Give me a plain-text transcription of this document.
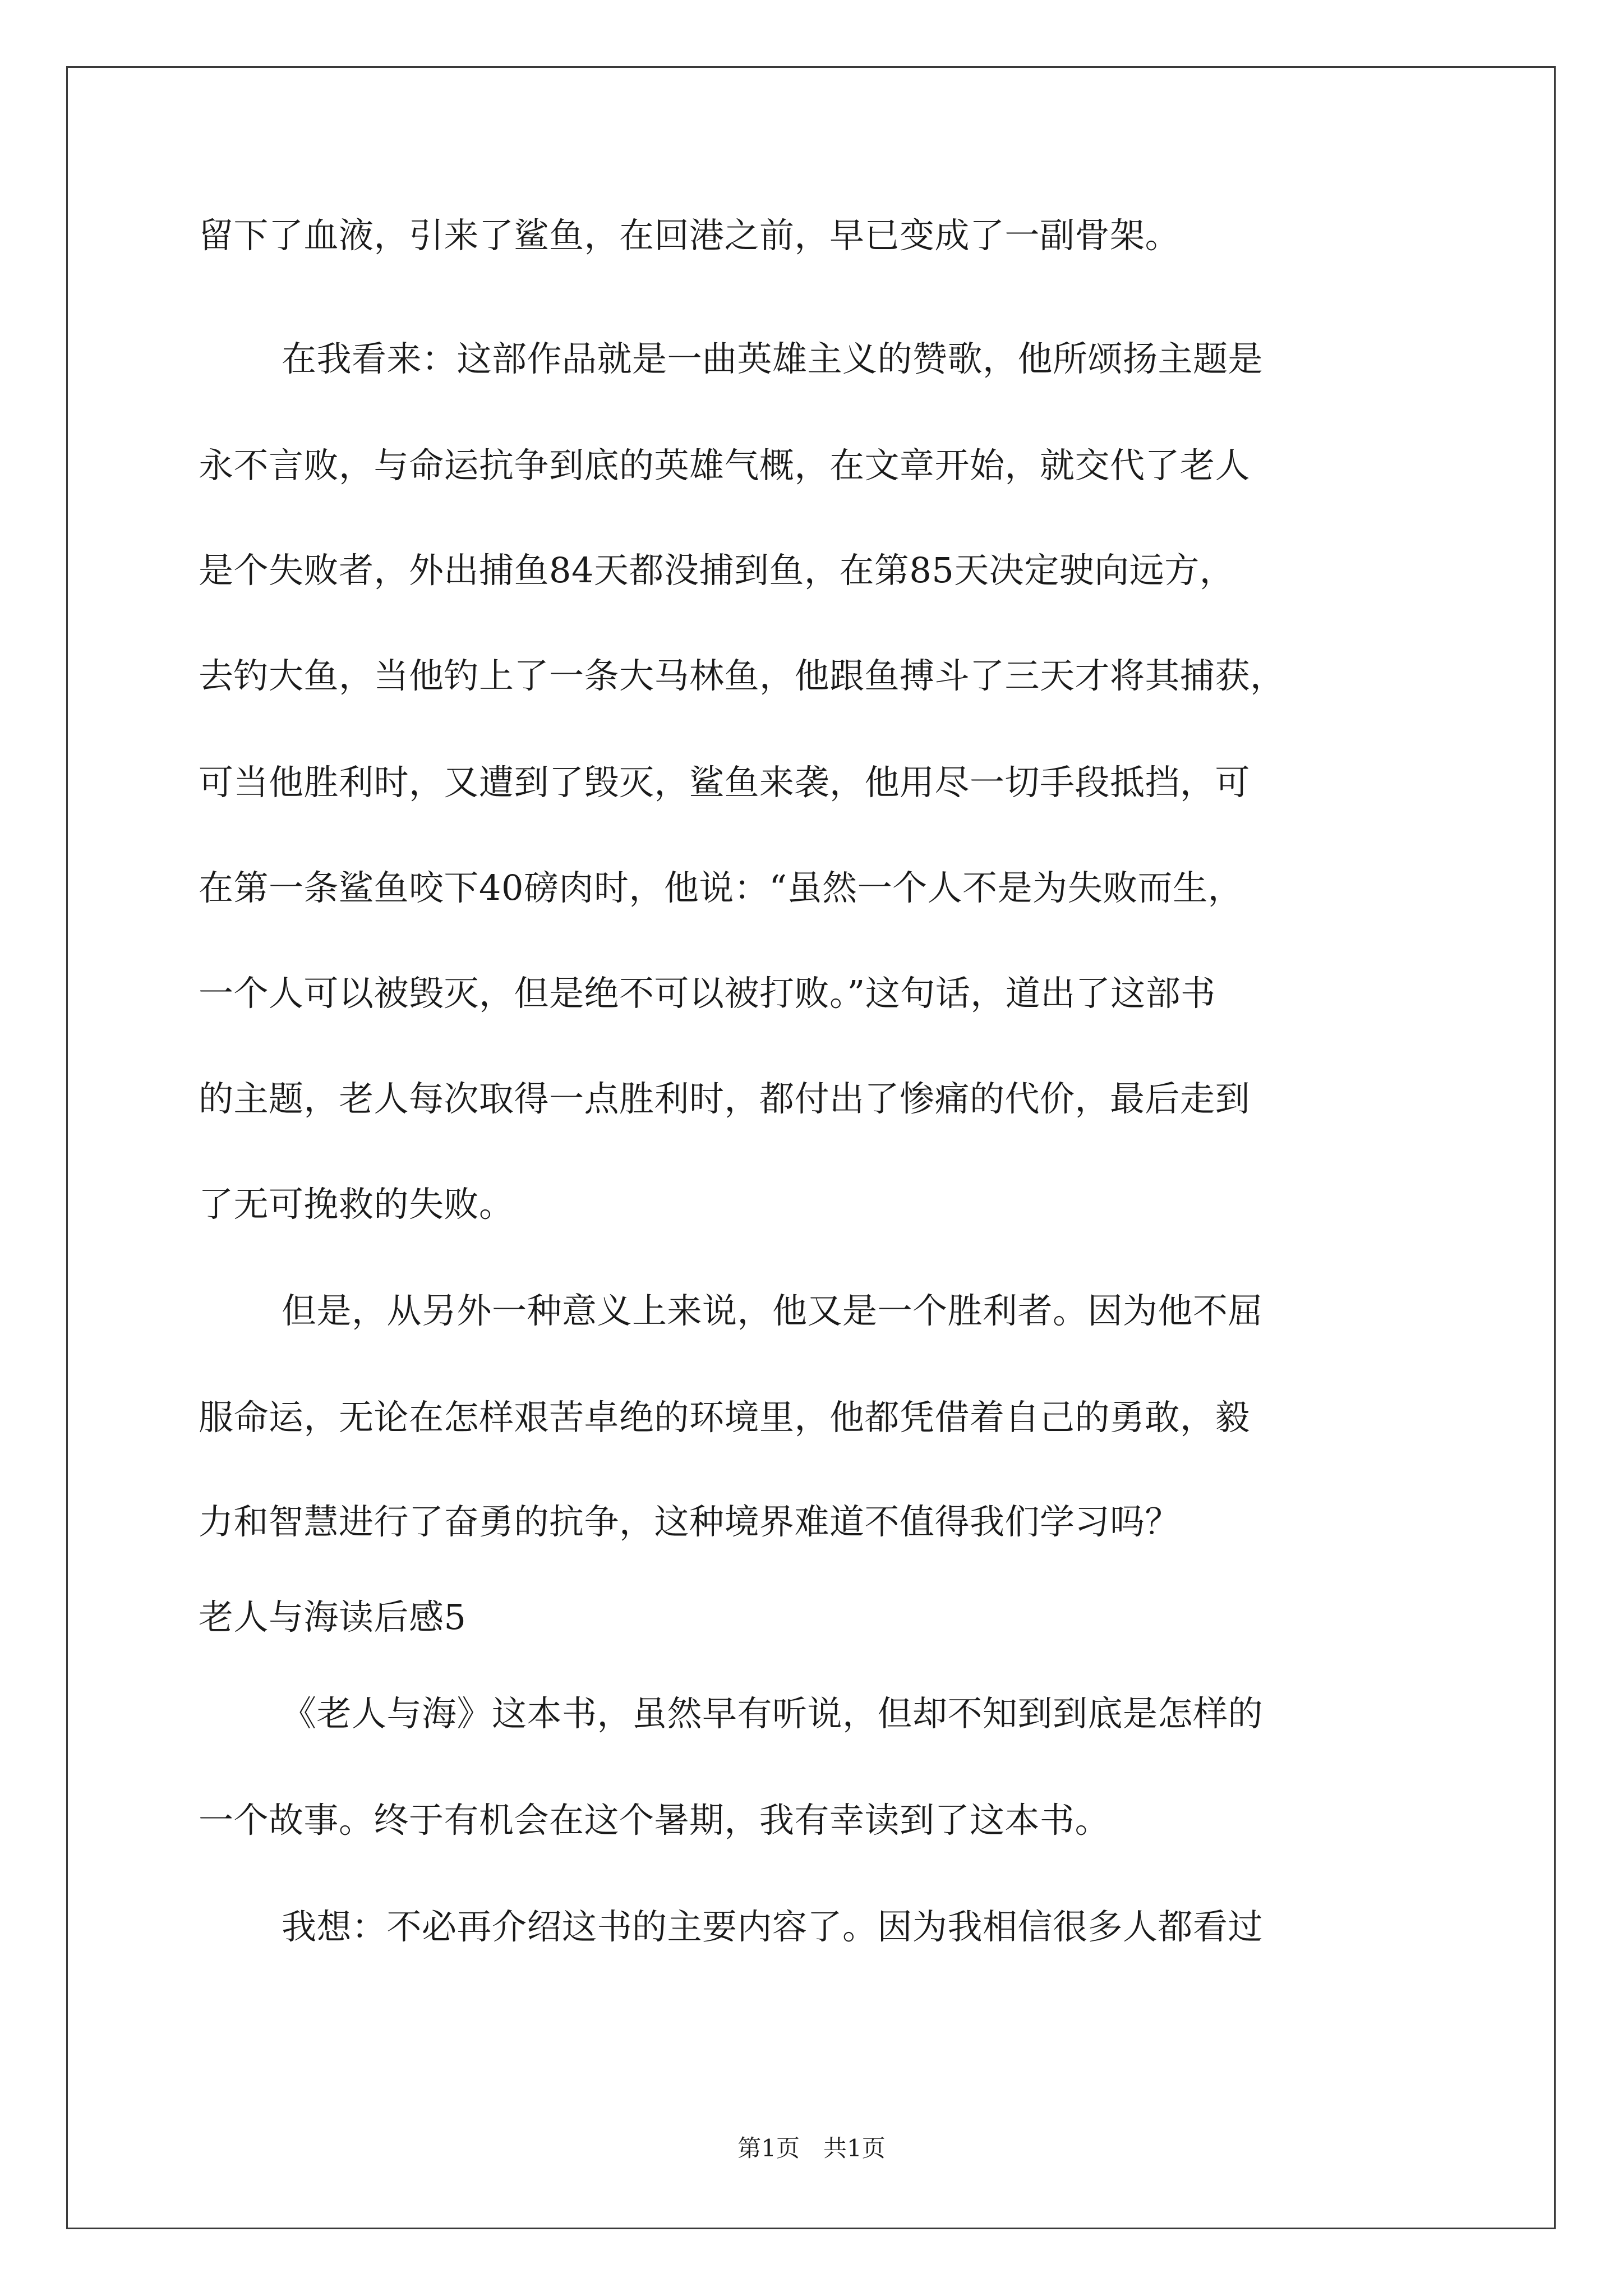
留下了血液，引来了鲨鱼，在回港之前，早已变成了一副骨架。
在我看来：这部作品就是一曲英雄主义的赞歌，他所颂扬主题是
永不言败，与命运抗争到底的英雄气概，在文章开始，就交代了老人
是个失败者，外出捕鱼84天都没捕到鱼，在第85天决定驶向远方，
去钓大鱼，当他钓上了一条大马林鱼，他跟鱼搏斗了三天才将其捕获，
可当他胜利时，又遭到了毁灭，鲨鱼来袭，他用尽一切手段抵挡，可
在第一条鲨鱼咬下40磅肉时，他说：“虽然一个人不是为失败而生，
一个人可以被毁灭，但是绝不可以被打败。”这句话，道出了这部书
的主题，老人每次取得一点胜利时，都付出了惨痛的代价，最后走到
了无可挽救的失败。
但是，从另外一种意义上来说，他又是一个胜利者。因为他不屈
服命运，无论在怎样艰苦卓绝的环境里，他都凭借着自己的勇敢，毅
力和智慧进行了奋勇的抗争，这种境界难道不值得我们学习吗？
老人与海读后感5
《老人与海》这本书，虽然早有听说，但却不知到到底是怎样的
一个故事。终于有机会在这个暑期，我有幸读到了这本书。
我想：不必再介绍这书的主要内容了。因为我相信很多人都看过
第1页　共1页
